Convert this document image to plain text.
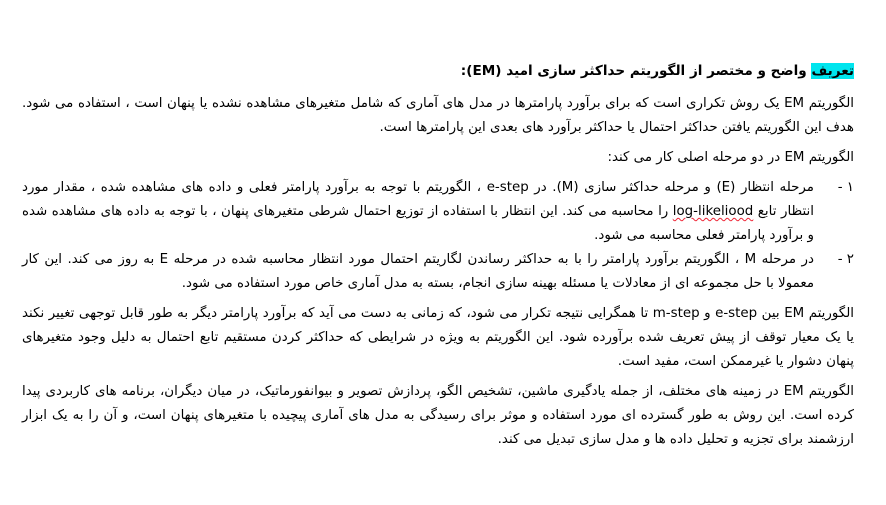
تعریف واضح و مختصر از الگوریتم حداکثر سازی امید (EM):
الگوریتم EM یک روش تکراری است که برای برآورد پارامترها در مدل های آماری که شامل متغیرهای مشاهده نشده یا پنهان است ، استفاده می شود. هدف این الگوریتم یافتن حداکثر احتمال یا حداکثر برآورد های بعدی این پارامترها است.
الگوریتم EM در دو مرحله اصلی کار می کند:
۱ -
مرحله انتظار (E) و مرحله حداکثر سازی (M). در e-step ، الگوریتم با توجه به برآورد پارامتر فعلی و داده های مشاهده شده ، مقدار مورد انتظار تابع log-likeliood را محاسبه می کند. این انتظار با استفاده از توزیع احتمال شرطی متغیرهای پنهان ، با توجه به داده های مشاهده شده و برآورد پارامتر فعلی محاسبه می شود.
۲ -
در مرحله M ، الگوریتم برآورد پارامتر را با به حداکثر رساندن لگاریتم احتمال مورد انتظار محاسبه شده در مرحله E به روز می کند. این کار معمولا با حل مجموعه ای از معادلات یا مسئله بهینه سازی انجام، بسته به مدل آماری خاص مورد استفاده می شود.
الگوریتم EM بین e-step و m-step تا همگرایی نتیجه تکرار می شود، که زمانی به دست می آید که برآورد پارامتر دیگر به طور قابل توجهی تغییر نکند یا یک معیار توقف از پیش تعریف شده برآورده شود. این الگوریتم به ویژه در شرایطی که حداکثر کردن مستقیم تابع احتمال به دلیل وجود متغیرهای پنهان دشوار یا غیرممکن است، مفید است.
الگوریتم EM در زمینه های مختلف، از جمله یادگیری ماشین، تشخیص الگو، پردازش تصویر و بیوانفورماتیک، در میان دیگران، برنامه های کاربردی پیدا کرده است. این روش به طور گسترده ای مورد استفاده و موثر برای رسیدگی به مدل های آماری پیچیده با متغیرهای پنهان است، و آن را به یک ابزار ارزشمند برای تجزیه و تحلیل داده ها و مدل سازی تبدیل می کند.
